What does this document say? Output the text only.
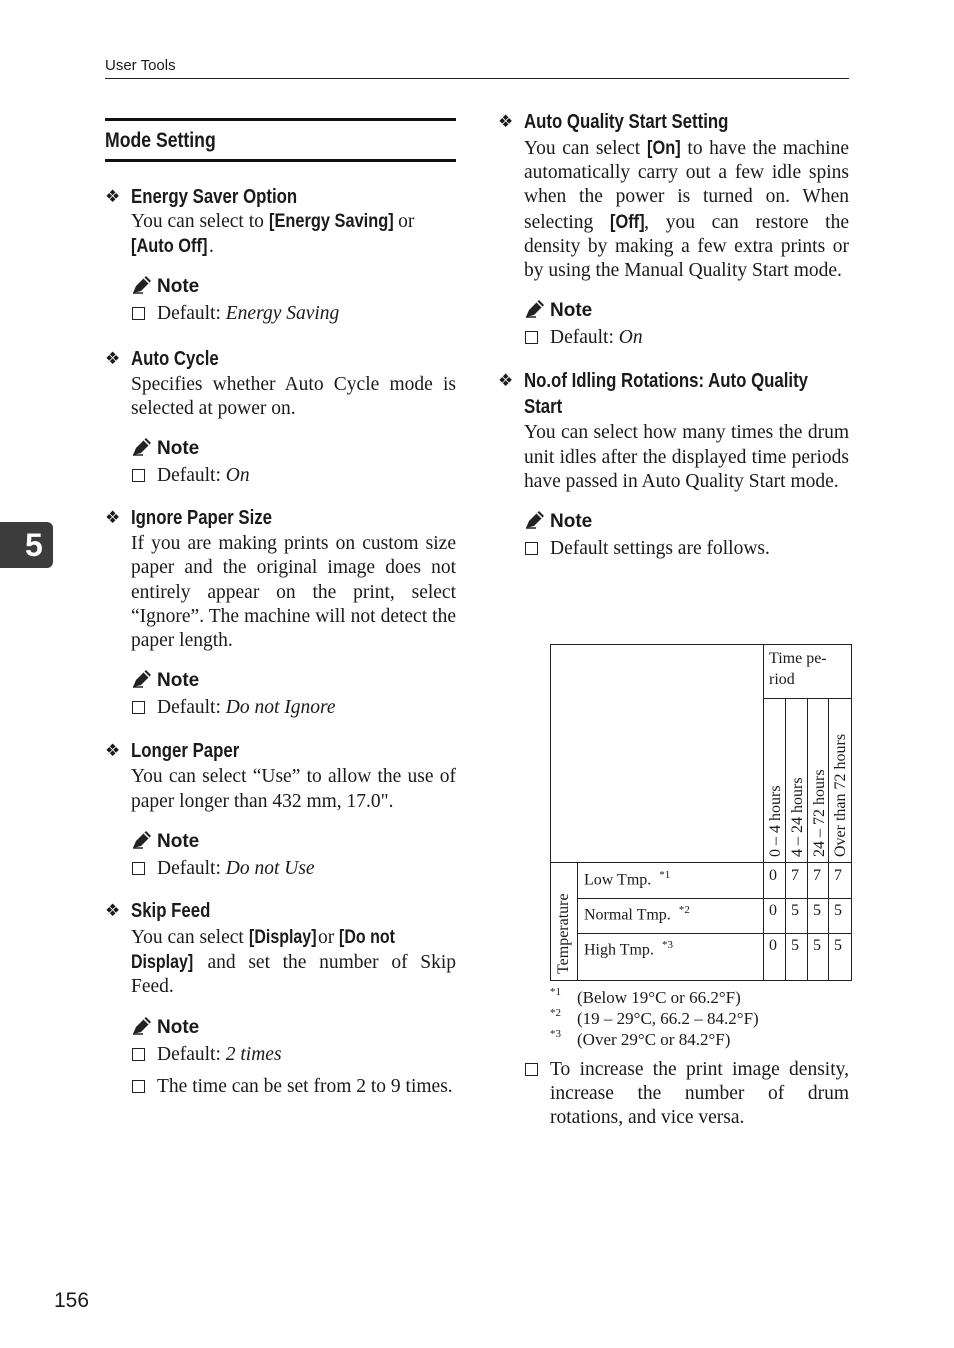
User Tools
Mode Setting
❖ Energy Saver Option
You can select to [Energy Saving] or
[Auto Off].
Note
Default: Energy Saving
❖ Auto Cycle
Specifies whether Auto Cycle mode is selected at power on.
Note
Default: On
❖ Ignore Paper Size
If you are making prints on custom size paper and the original image does not entirely appear on the print, select “Ignore”. The machine will not detect the paper length.
Note
Default: Do not Ignore
❖ Longer Paper
You can select “Use” to allow the use of paper longer than 432 mm, 17.0".
Note
Default: Do not Use
❖ Skip Feed
You can select [Display] or [Do not
Display] and set the number of Skip Feed.
Note
Default: 2 times
The time can be set from 2 to 9 times.
❖ Auto Quality Start Setting
You can select [On] to have the machine automatically carry out a few idle spins when the power is turned on. When selecting [Off], you can restore the density by making a few extra prints or by using the Manual Quality Start mode.
Note
Default: On
❖ No.of Idling Rotations: Auto Quality
Start
You can select how many times the drum unit idles after the displayed time periods have passed in Auto Quality Start mode.
Note
Default settings are follows.
Time pe-
riod
0 – 4 hours 4 – 24 hours 24 – 72 hours Over than 72 hours
Temperature
Low Tmp. $^{*1}$
Normal Tmp. $^{*2}$
High Tmp. $^{*3}$
0 7 7 7
0 5 5 5
0 5 5 5
$^{*1}$ (Below 19°C or 66.2°F)
$^{*2}$ (19 – 29°C, 66.2 – 84.2°F)
$^{*3}$ (Over 29°C or 84.2°F)
To increase the print image density, increase the number of drum rotations, and vice versa.
5
156
